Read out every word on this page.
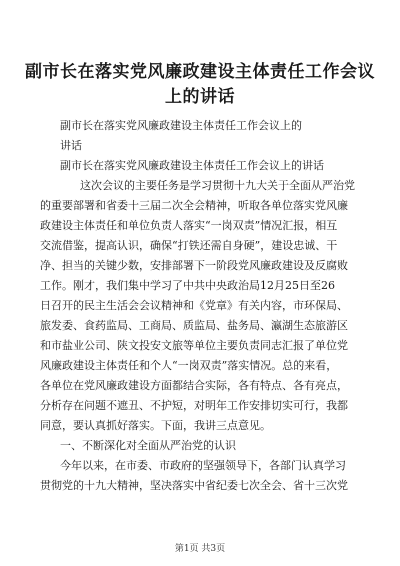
副市长在落实党风廉政建设主体责任工作会议上的讲话
副市长在落实党风廉政建设主体责任工作会议上的
讲话
副市长在落实党风廉政建设主体责任工作会议上的讲话
这次会议的主要任务是学习贯彻十九大关于全面从严治党
的重要部署和省委十三届二次全会精神，听取各单位落实党风廉
政建设主体责任和单位负责人落实“一岗双责”情况汇报，相互
交流借鉴，提高认识，确保“打铁还需自身硬”，建设忠诚、干
净、担当的关键少数，安排部署下一阶段党风廉政建设及反腐败
工作。刚才，我们集中学习了中共中央政治局12月25日至26
日召开的民主生活会会议精神和《党章》有关内容，市环保局、
旅发委、食药监局、工商局、质监局、盐务局、瀛湖生态旅游区
和市盐业公司、陕文投安文旅等单位主要负责同志汇报了单位党
风廉政建设主体责任和个人“一岗双责”落实情况。总的来看，
各单位在党风廉政建设方面都结合实际，各有特点、各有亮点，
分析存在问题不遮丑、不护短，对明年工作安排切实可行，我都
同意，要认真抓好落实。下面，我讲三点意见。
一、不断深化对全面从严治党的认识
今年以来，在市委、市政府的坚强领导下，各部门认真学习
贯彻党的十九大精神，坚决落实中省纪委七次全会、省十三次党
第1页 共3页
